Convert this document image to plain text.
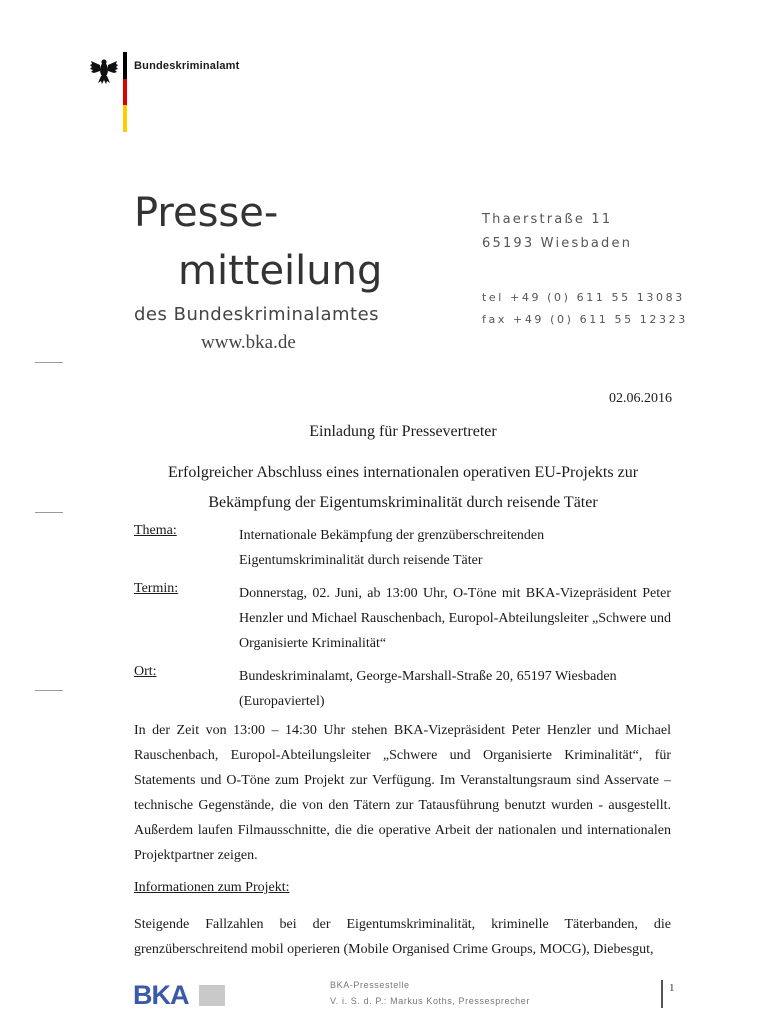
Bundeskriminalamt
Presse-
mitteilung
des Bundeskriminalamtes
www.bka.de
Thaerstraße 11
65193 Wiesbaden
tel +49 (0) 611 55 13083
fax +49 (0) 611 55 12323
02.06.2016
Einladung für Pressevertreter
Erfolgreicher Abschluss eines internationalen operativen EU-Projekts zur
Bekämpfung der Eigentumskriminalität durch reisende Täter
Thema:	Internationale Bekämpfung der grenzüberschreitenden Eigentumskriminalität durch reisende Täter
Termin:	Donnerstag, 02. Juni, ab 13:00 Uhr, O-Töne mit BKA-Vizepräsident Peter Henzler und Michael Rauschenbach, Europol-Abteilungsleiter „Schwere und Organisierte Kriminalität“
Ort:	Bundeskriminalamt, George-Marshall-Straße 20, 65197 Wiesbaden (Europaviertel)
In der Zeit von 13:00 – 14:30 Uhr stehen BKA-Vizepräsident Peter Henzler und Michael Rauschenbach, Europol-Abteilungsleiter „Schwere und Organisierte Kriminalität“, für Statements und O-Töne zum Projekt zur Verfügung. Im Veranstaltungsraum sind Asservate – technische Gegenstände, die von den Tätern zur Tatausführung benutzt wurden - ausgestellt. Außerdem laufen Filmausschnitte, die die operative Arbeit der nationalen und internationalen Projektpartner zeigen.
Informationen zum Projekt:
Steigende Fallzahlen bei der Eigentumskriminalität, kriminelle Täterbanden, die grenzüberschreitend mobil operieren (Mobile Organised Crime Groups, MOCG), Diebesgut,
BKA	BKA-Pressestelle
V. i. S. d. P.: Markus Koths, Pressesprecher
1
